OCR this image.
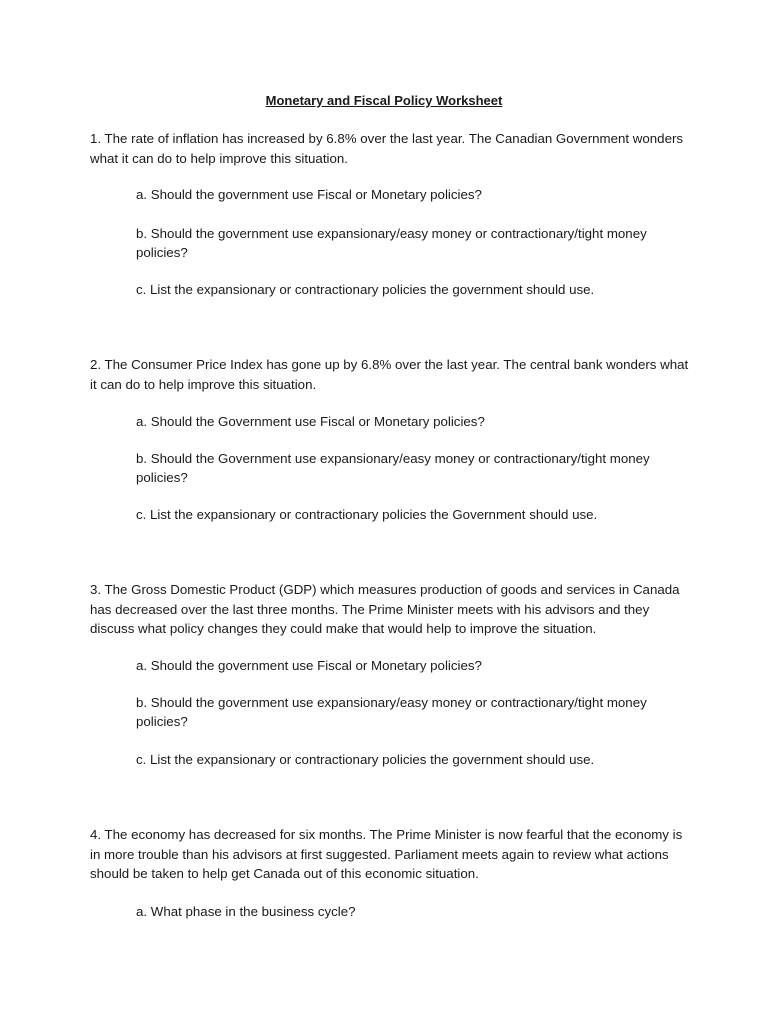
Monetary and Fiscal Policy Worksheet
1. The rate of inflation has increased by 6.8% over the last year. The Canadian Government wonders what it can do to help improve this situation.
a. Should the government use Fiscal or Monetary policies?
b. Should the government use expansionary/easy money or contractionary/tight money policies?
c. List the expansionary or contractionary policies the government should use.
2. The Consumer Price Index has gone up by 6.8% over the last year. The central bank wonders what it can do to help improve this situation.
a. Should the Government use Fiscal or Monetary policies?
b. Should the Government use expansionary/easy money or contractionary/tight money policies?
c. List the expansionary or contractionary policies the Government should use.
3. The Gross Domestic Product (GDP) which measures production of goods and services in Canada has decreased over the last three months. The Prime Minister meets with his advisors and they discuss what policy changes they could make that would help to improve the situation.
a. Should the government use Fiscal or Monetary policies?
b. Should the government use expansionary/easy money or contractionary/tight money policies?
c. List the expansionary or contractionary policies the government should use.
4. The economy has decreased for six months. The Prime Minister is now fearful that the economy is in more trouble than his advisors at first suggested. Parliament meets again to review what actions should be taken to help get Canada out of this economic situation.
a. What phase in the business cycle?
